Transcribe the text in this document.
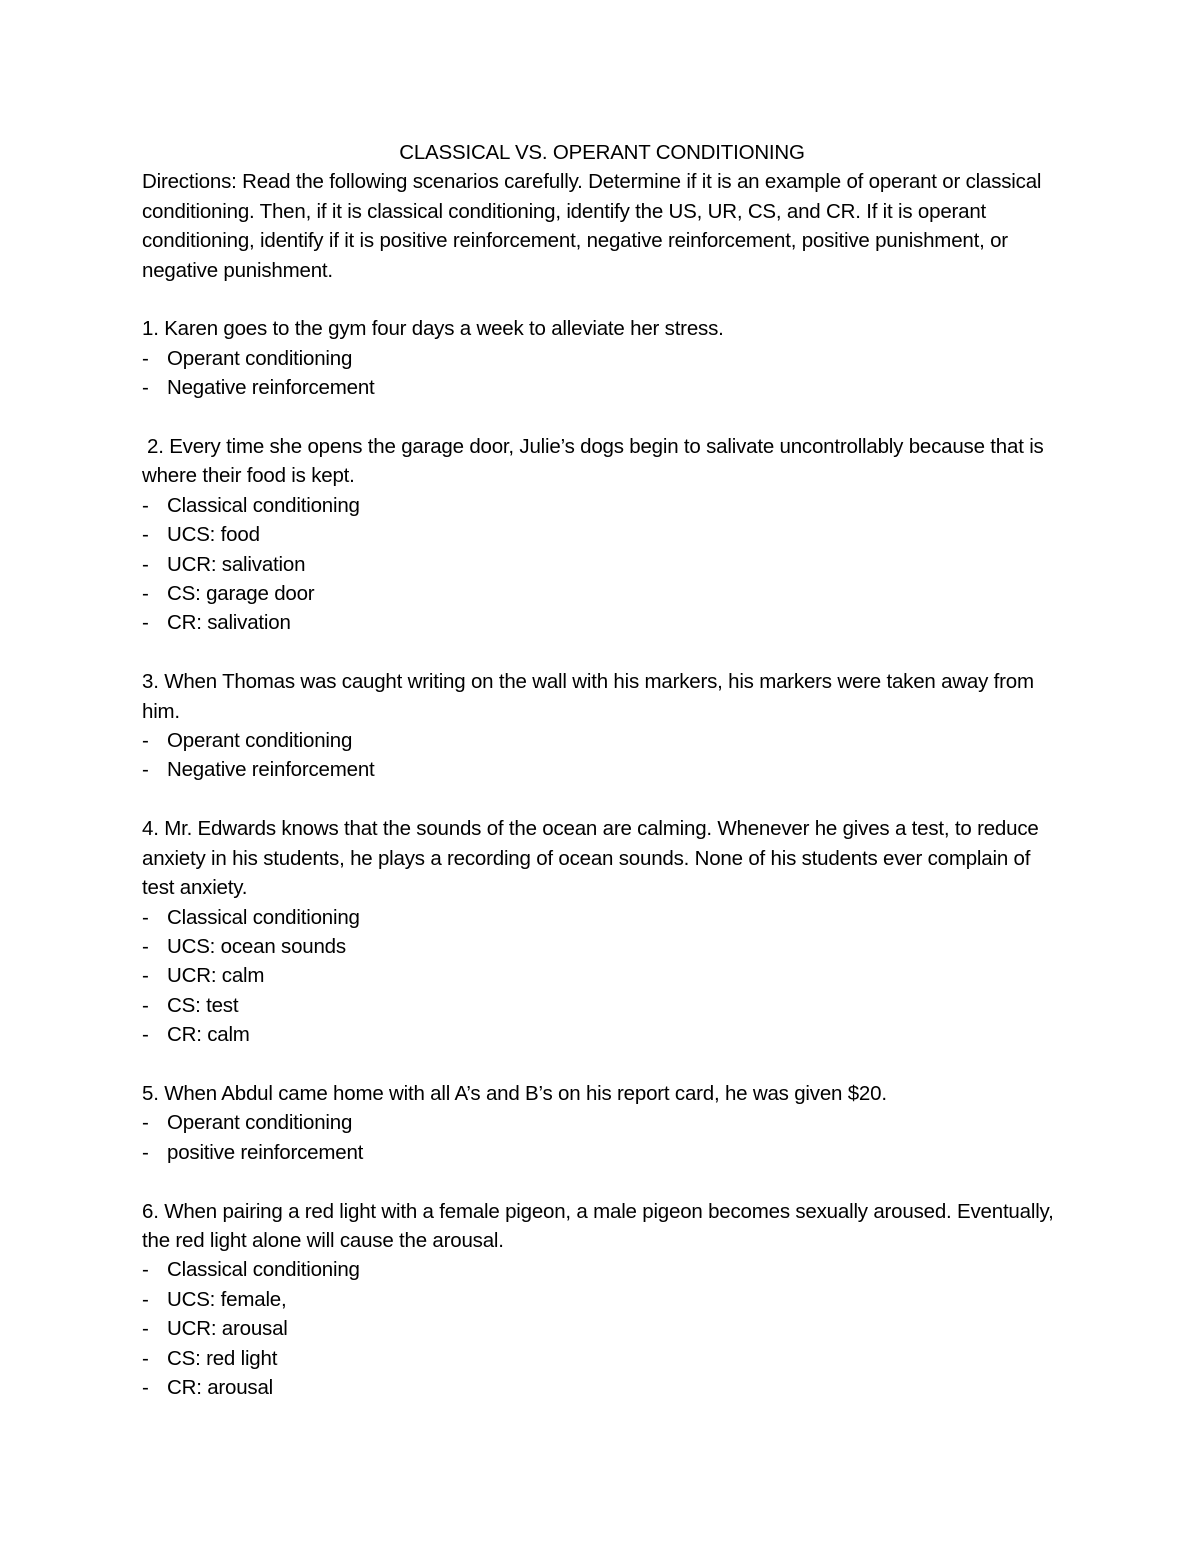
CLASSICAL VS. OPERANT CONDITIONING

Directions: Read the following scenarios carefully. Determine if it is an example of operant or classical conditioning. Then, if it is classical conditioning, identify the US, UR, CS, and CR. If it is operant conditioning, identify if it is positive reinforcement, negative reinforcement, positive punishment, or negative punishment.

1. Karen goes to the gym four days a week to alleviate her stress.

- Operant conditioning
- Negative reinforcement

2. Every time she opens the garage door, Julie’s dogs begin to salivate uncontrollably because that is where their food is kept.

- Classical conditioning
- UCS: food
- UCR: salivation
- CS: garage door
- CR: salivation

3. When Thomas was caught writing on the wall with his markers, his markers were taken away from him.

- Operant conditioning
- Negative reinforcement

4. Mr. Edwards knows that the sounds of the ocean are calming. Whenever he gives a test, to reduce anxiety in his students, he plays a recording of ocean sounds. None of his students ever complain of test anxiety.

- Classical conditioning
- UCS: ocean sounds
- UCR: calm
- CS: test
- CR: calm

5. When Abdul came home with all A’s and B’s on his report card, he was given $20.

- Operant conditioning
- positive reinforcement

6. When pairing a red light with a female pigeon, a male pigeon becomes sexually aroused. Eventually, the red light alone will cause the arousal.

- Classical conditioning
- UCS: female,
- UCR: arousal
- CS: red light
- CR: arousal
